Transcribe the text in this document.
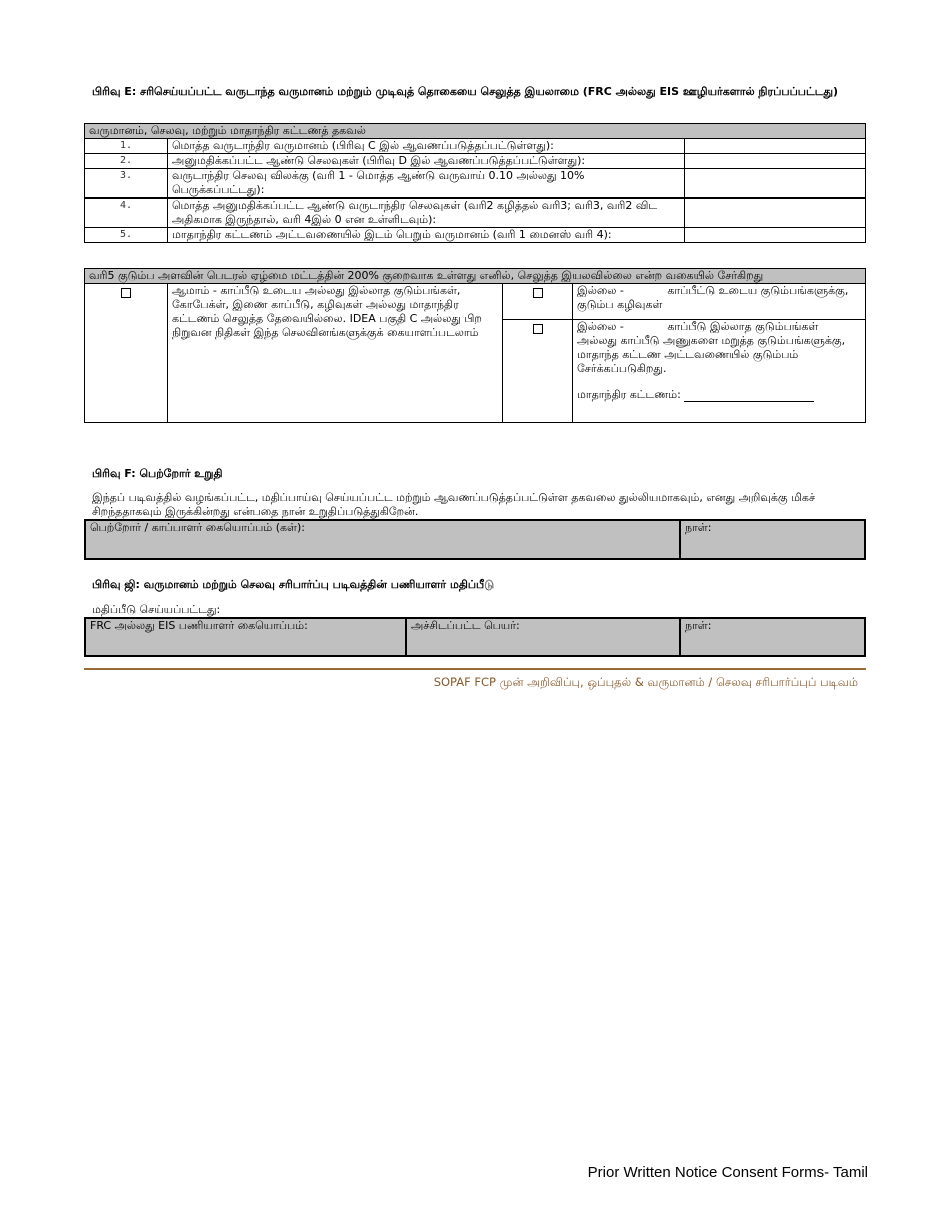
பிரிவு E: சரிசெய்யப்பட்ட வருடாந்த வருமானம் மற்றும் முடிவுத் தொகையை செலுத்த இயலாமை (FRC அல்லது EIS ஊழியர்களால் நிரப்பப்பட்டது)
வருமானம், செலவு, மற்றும் மாதாந்திர கட்டணத் தகவல்		
1.	மொத்த வருடாந்திர வருமானம் (பிரிவு C இல் ஆவணப்படுத்தப்பட்டுள்ளது):	
2.	அனுமதிக்கப்பட்ட ஆண்டு செலவுகள் (பிரிவு D இல் ஆவணப்படுத்தப்பட்டுள்ளது):	
3.	வருடாந்திர செலவு விலக்கு (வரி 1 - மொத்த ஆண்டு வருவாய் 0.10 அல்லது 10% பெருக்கப்பட்டது):	
4.	மொத்த அனுமதிக்கப்பட்ட ஆண்டு வருடாந்திர செலவுகள் (வரி2 கழித்தல் வரி3; வரி3, வரி2 விட அதிகமாக இருந்தால், வரி 4இல் 0 என உள்ளிடவும்):	
5.	மாதாந்திர கட்டணம் அட்டவணையில் இடம் பெறும் வருமானம் (வரி 1 மைனஸ் வரி 4):	
வரி5 குடும்ப அளவின் பெடரல் ஏழ்மை மட்டத்தின் 200% குறைவாக உள்ளது எனில், செலுத்த இயலவில்லை என்ற வகையில் சேர்கிறது			
	ஆமாம் - காப்பீடு உடைய அல்லது இல்லாத குடும்பங்கள், கோபேக்ள், இணை காப்பீடு, கழிவுகள் அல்லது மாதாந்திர கட்டணம் செலுத்த தேவையில்லை. IDEA பகுதி C அல்லது பிற நிறுவன நிதிகள் இந்த செலவினங்களுக்குக் கையாளப்படலாம்		இல்லை - காப்பீட்டு உடைய குடும்பங்களுக்கு, குடும்ப கழிவுகள்
			இல்லை - காப்பீடு இல்லாத குடும்பங்கள் அல்லது காப்பீடு அணுகளை மறுத்த குடும்பங்களுக்கு, மாதாந்த கட்டண அட்டவணையில் குடும்பம் சேர்க்கப்படுகிறது.
மாதாந்திர கட்டணம்:
பிரிவு F: பெற்றோர் உறுதி
இந்தப் படிவத்தில் வழங்கப்பட்ட, மதிப்பாய்வு செய்யப்பட்ட மற்றும் ஆவணப்படுத்தப்பட்டுள்ள தகவலை துல்லியமாகவும், எனது அறிவுக்கு மிகச் சிறந்ததாகவும் இருக்கின்றது என்பதை நான் உறுதிப்படுத்துகிறேன்.
பெற்றோர் / காப்பாளர் கையொப்பம் (கள்):	நாள்:
பிரிவு ஜி: வருமானம் மற்றும் செலவு சரிபார்ப்பு படிவத்தின் பணியாளர் மதிப்பீடு
மதிப்பீடு செய்யப்பட்டது:
FRC அல்லது EIS பணியாளர் கையொப்பம்:	அச்சிடப்பட்ட பெயர்:	நாள்:
SOPAF FCP முன் அறிவிப்பு, ஒப்புதல் & வருமானம் / செலவு சரிபார்ப்புப் படிவம்
Prior Written Notice Consent Forms- Tamil
